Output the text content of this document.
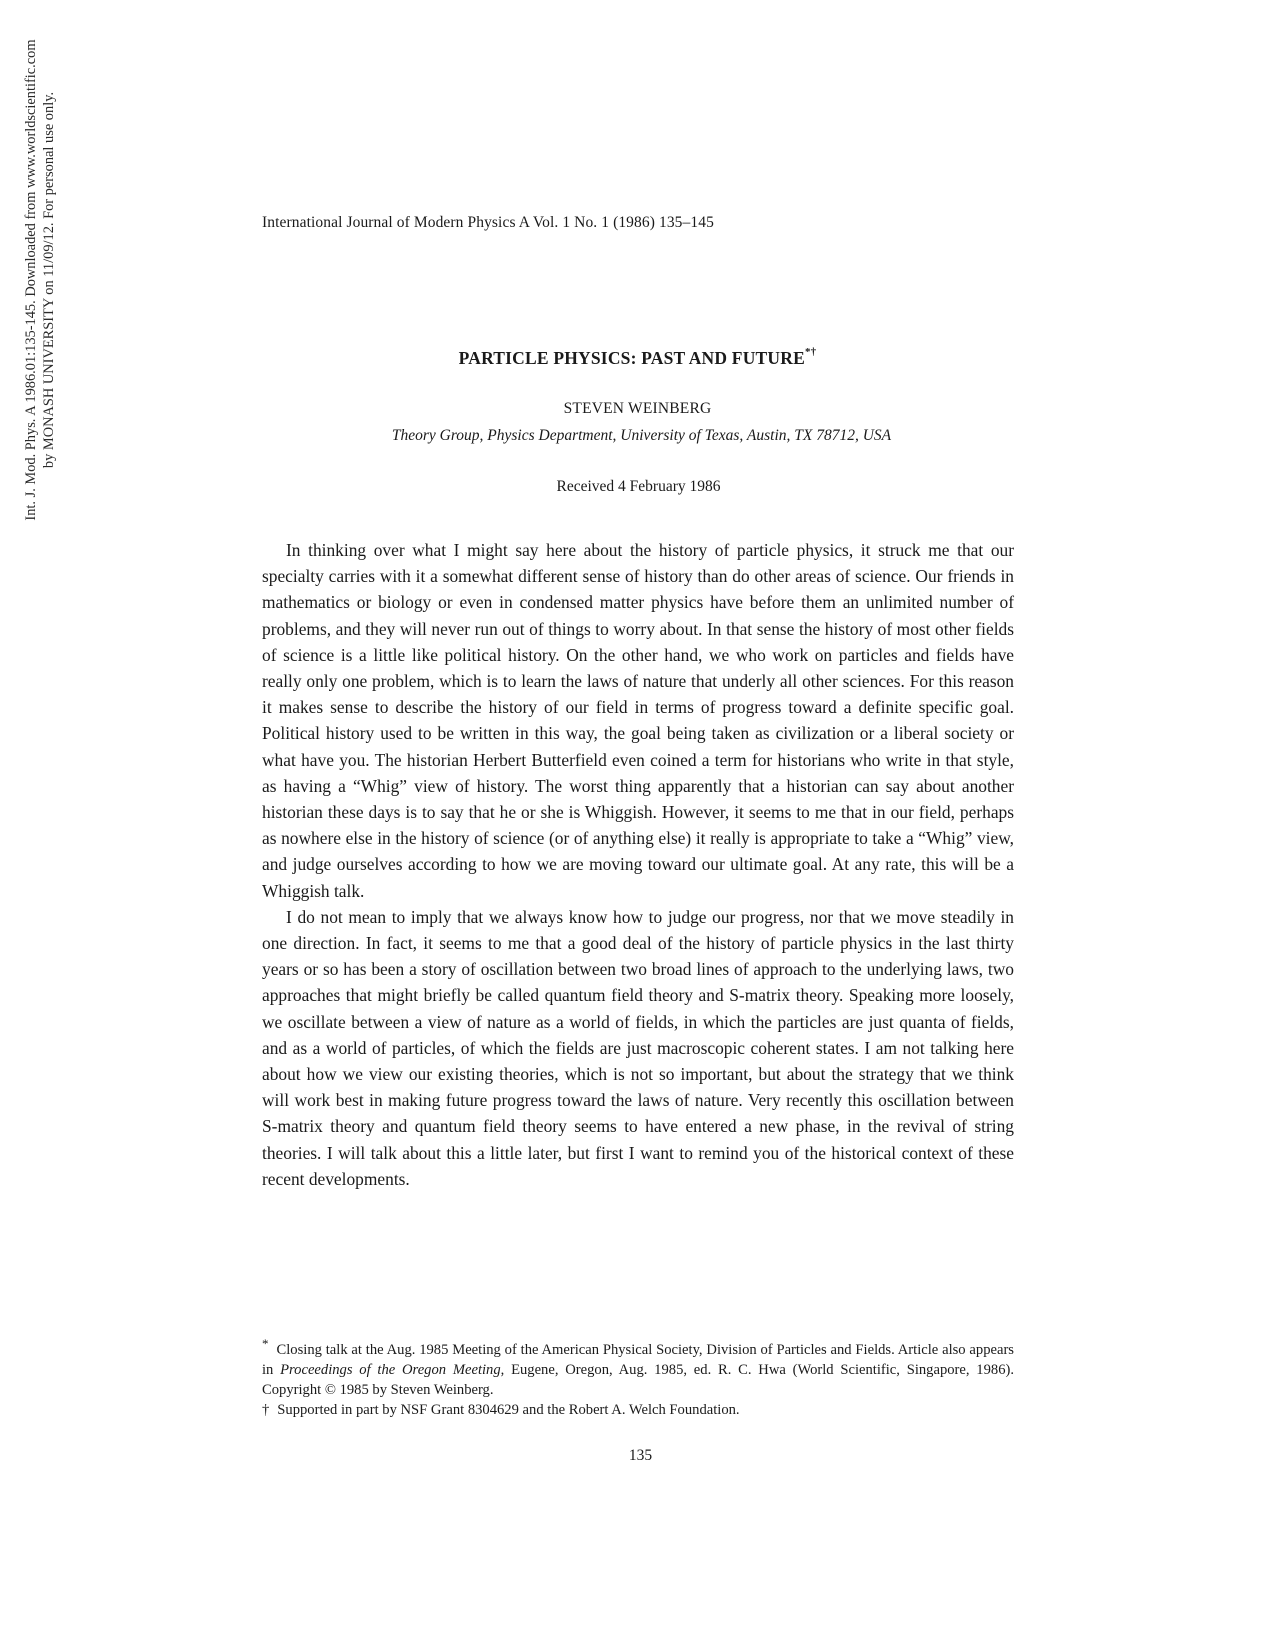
Int. J. Mod. Phys. A 1986.01:135-145. Downloaded from www.worldscientific.com by MONASH UNIVERSITY on 11/09/12. For personal use only.	International Journal of Modern Physics A Vol. 1 No. 1 (1986) 135–145
PARTICLE PHYSICS: PAST AND FUTURE*†
STEVEN WEINBERG
Theory Group, Physics Department, University of Texas, Austin, TX 78712, USA
Received 4 February 1986

In thinking over what I might say here about the history of particle physics, it struck me that our specialty carries with it a somewhat different sense of history than do other areas of science. Our friends in mathematics or biology or even in condensed matter physics have before them an unlimited number of problems, and they will never run out of things to worry about. In that sense the history of most other fields of science is a little like political history. On the other hand, we who work on particles and fields have really only one problem, which is to learn the laws of nature that underly all other sciences. For this reason it makes sense to describe the history of our field in terms of progress toward a definite specific goal. Political history used to be written in this way, the goal being taken as civilization or a liberal society or what have you. The historian Herbert Butterfield even coined a term for historians who write in that style, as having a “Whig” view of history. The worst thing apparently that a historian can say about another historian these days is to say that he or she is Whiggish. However, it seems to me that in our field, perhaps as nowhere else in the history of science (or of anything else) it really is appropriate to take a “Whig” view, and judge ourselves according to how we are moving toward our ultimate goal. At any rate, this will be a Whiggish talk.

I do not mean to imply that we always know how to judge our progress, nor that we move steadily in one direction. In fact, it seems to me that a good deal of the history of particle physics in the last thirty years or so has been a story of oscillation between two broad lines of approach to the underlying laws, two approaches that might briefly be called quantum field theory and S-matrix theory. Speaking more loosely, we oscillate between a view of nature as a world of fields, in which the particles are just quanta of fields, and as a world of particles, of which the fields are just macroscopic coherent states. I am not talking here about how we view our existing theories, which is not so important, but about the strategy that we think will work best in making future progress toward the laws of nature. Very recently this oscillation between S-matrix theory and quantum field theory seems to have entered a new phase, in the revival of string theories. I will talk about this a little later, but first I want to remind you of the historical context of these recent developments.

* Closing talk at the Aug. 1985 Meeting of the American Physical Society, Division of Particles and Fields. Article also appears in Proceedings of the Oregon Meeting, Eugene, Oregon, Aug. 1985, ed. R. C. Hwa (World Scientific, Singapore, 1986). Copyright © 1985 by Steven Weinberg.

† Supported in part by NSF Grant 8304629 and the Robert A. Welch Foundation.

135
